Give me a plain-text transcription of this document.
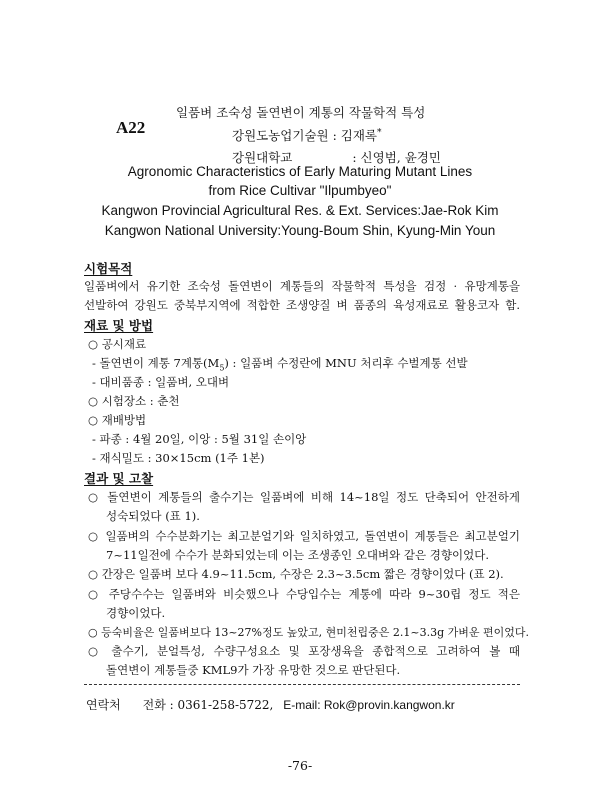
A22
일품벼 조숙성 돌연변이 계통의 작물학적 특성
강원도농업기술원 : 김재록*
강원대학교	: 신영범, 윤경민
Agronomic Characteristics of Early Maturing Mutant Lines
from Rice Cultivar "Ilpumbyeo"
Kangwon Provincial Agricultural Res. & Ext. Services:Jae-Rok Kim
Kangwon National University:Young-Boum Shin, Kyung-Min Youn
시험목적
일품벼에서 유기한 조숙성 돌연변이 계통들의 작물학적 특성을 검정 · 유망계통을
선발하여 강원도 중북부지역에 적합한 조생양질 벼 품종의 육성재료로 활용코자 함.
재료 및 방법
○ 공시재료
- 돌연변이 계통 7계통$(M_5)$ : 일품벼 수정란에 MNU 처리후 수벌계통 선발
- 대비품종 : 일품벼, 오대벼
○ 시험장소 : 춘천
○ 재배방법
- 파종 : 4월 20일, 이앙 : 5월 31일 손이앙
- 재식밀도 : 30×15cm (1주 1본)
결과 및 고찰
○ 돌연변이 계통들의 출수기는 일품벼에 비해 14~18일 정도 단축되어 안전하게
성숙되었다 (표 1).
○ 일품벼의 수수분화기는 최고분얼기와 일치하였고, 돌연변이 계통들은 최고분얼기
7~11일전에 수수가 분화되었는데 이는 조생종인 오대벼와 같은 경향이었다.
○ 간장은 일품벼 보다 4.9~11.5cm, 수장은 2.3~3.5cm 짧은 경향이었다 (표 2).
○ 주당수수는 일품벼와 비슷했으나 수당입수는 계통에 따라 9~30립 정도 적은
경향이었다.
○ 등숙비율은 일품벼보다 13~27%정도 높았고, 현미천립중은 2.1~3.3g 가벼운 편이었다.
○ 출수기, 분얼특성, 수량구성요소 및 포장생육을 종합적으로 고려하여 볼 때
돌연변이 계통들중 KML9가 가장 유망한 것으로 판단된다.
연락처 전화 : 0361-258-5722, E-mail: Rok@provin.kangwon.kr
-76-
